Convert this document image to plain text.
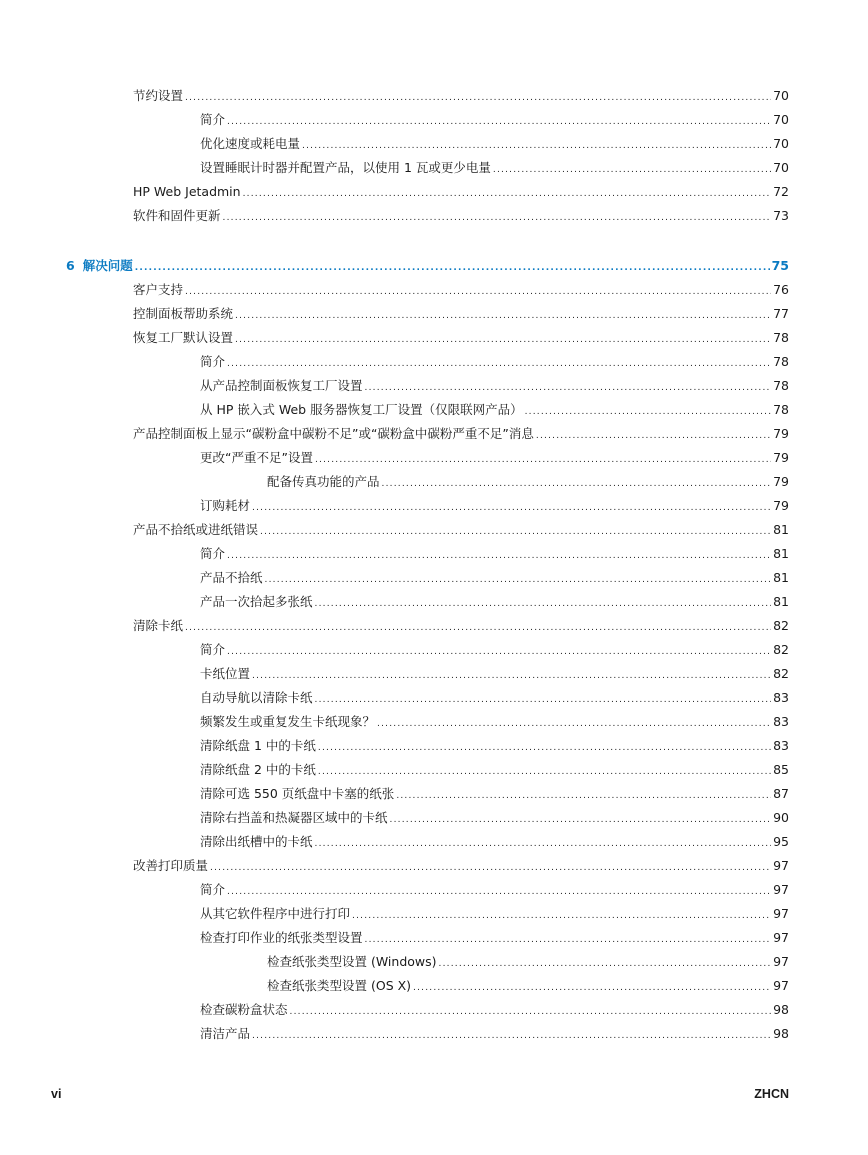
节约设置 .....	70
简介 .....	70
优化速度或耗电量 .....	70
设置睡眠计时器并配置产品，以使用 1 瓦或更少电量 .....	70
HP Web Jetadmin .....	72
软件和固件更新 .....	73
6 解决问题 .....	75
客户支持 .....	76
控制面板帮助系统 .....	77
恢复工厂默认设置 .....	78
简介 .....	78
从产品控制面板恢复工厂设置 .....	78
从 HP 嵌入式 Web 服务器恢复工厂设置（仅限联网产品） .....	78
产品控制面板上显示“碳粉盒中碳粉不足”或“碳粉盒中碳粉严重不足”消息 .....	79
更改“严重不足”设置 .....	79
配备传真功能的产品 .....	79
订购耗材 .....	79
产品不拾纸或进纸错误 .....	81
简介 .....	81
产品不拾纸 .....	81
产品一次拾起多张纸 .....	81
清除卡纸 .....	82
简介 .....	82
卡纸位置 .....	82
自动导航以清除卡纸 .....	83
频繁发生或重复发生卡纸现象？ .....	83
清除纸盘 1 中的卡纸 .....	83
清除纸盘 2 中的卡纸 .....	85
清除可选 550 页纸盘中卡塞的纸张 .....	87
清除右挡盖和热凝器区域中的卡纸 .....	90
清除出纸槽中的卡纸 .....	95
改善打印质量 .....	97
简介 .....	97
从其它软件程序中进行打印 .....	97
检查打印作业的纸张类型设置 .....	97
检查纸张类型设置 (Windows) .....	97
检查纸张类型设置 (OS X) .....	97
检查碳粉盒状态 .....	98
清洁产品 .....	98
vi	ZHCN
